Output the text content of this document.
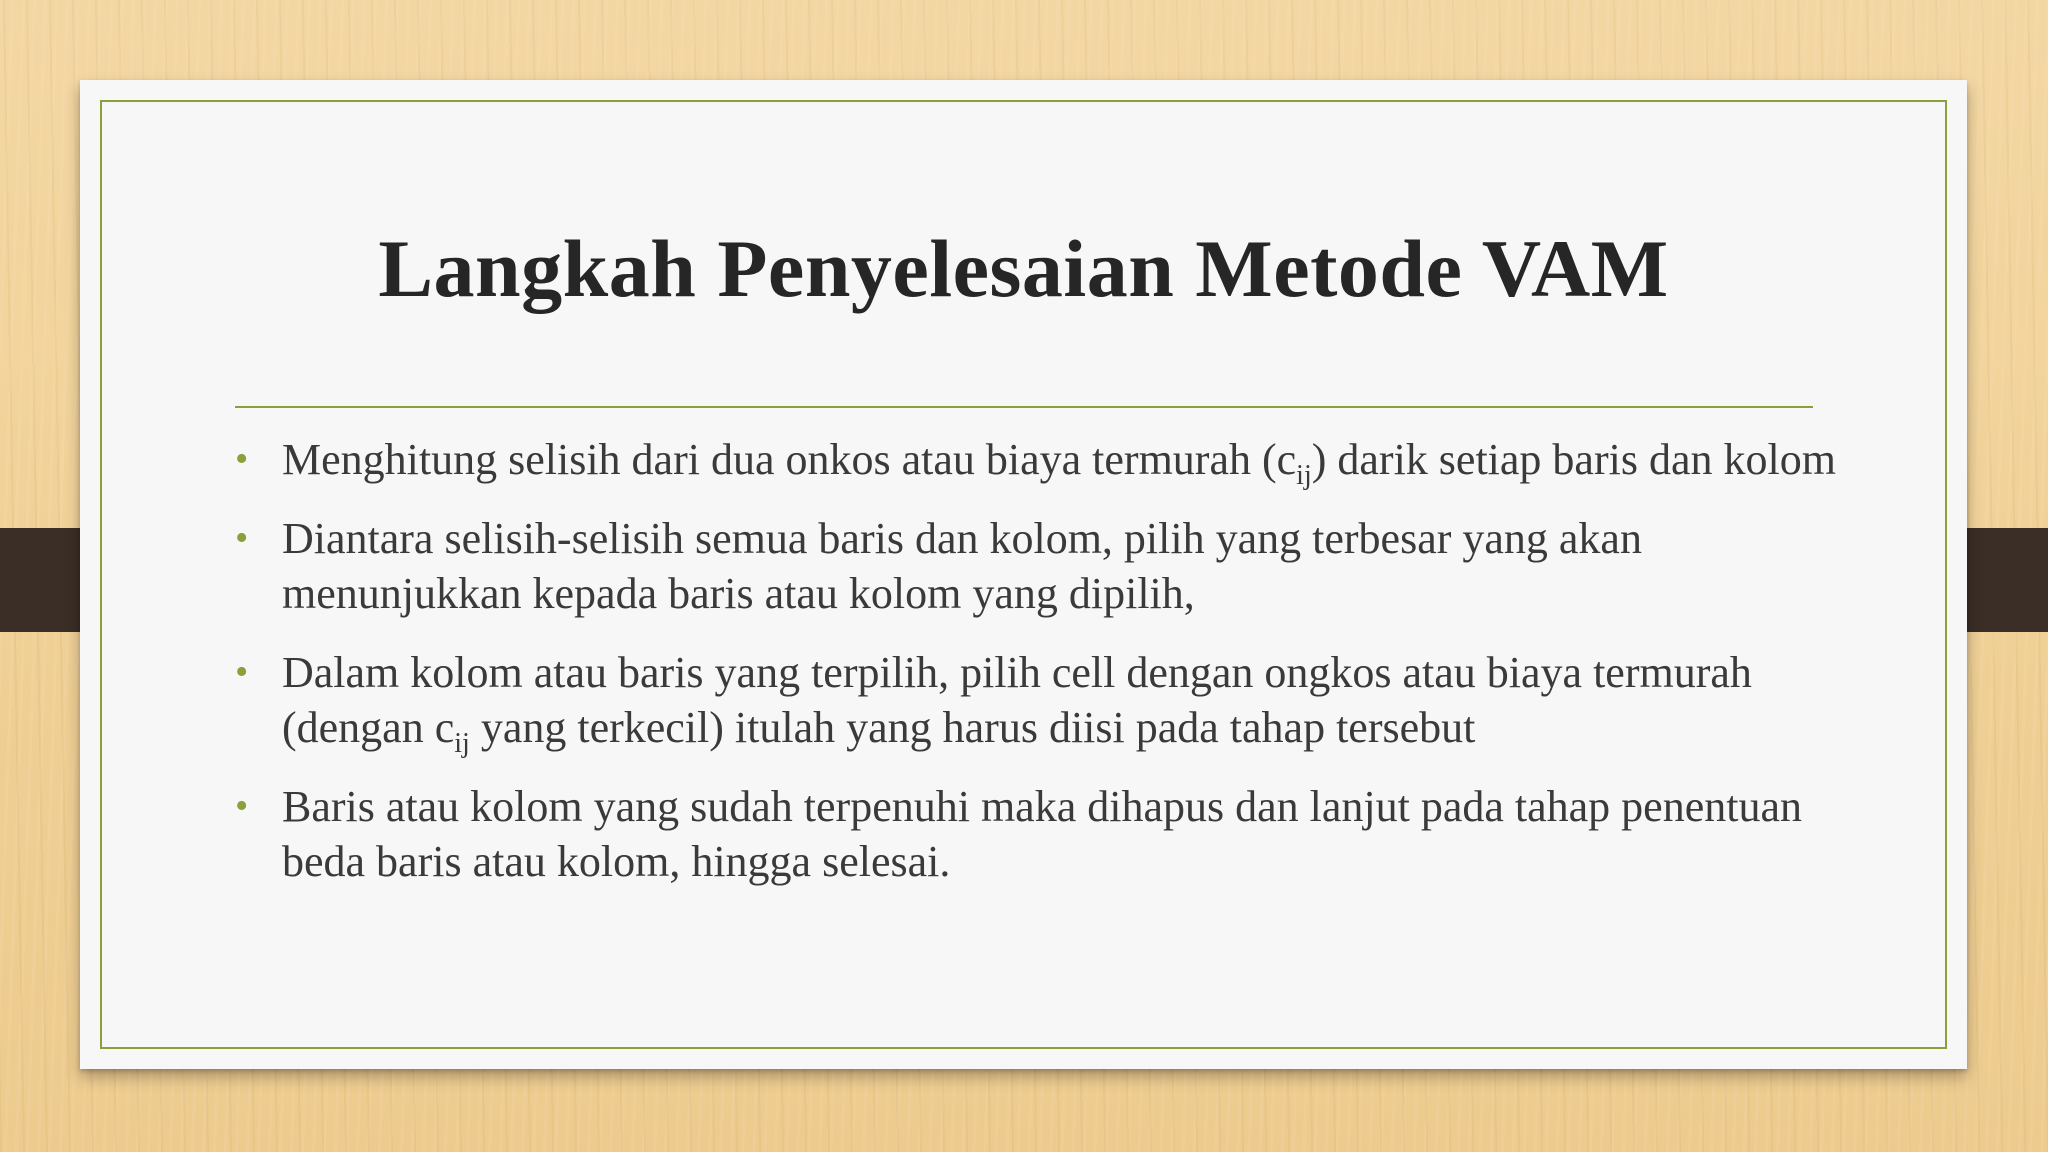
Langkah Penyelesaian Metode VAM
• Menghitung selisih dari dua onkos atau biaya termurah $(c_{ij})$ darik setiap baris dan kolom
• Diantara selisih-selisih semua baris dan kolom, pilih yang terbesar yang akan menunjukkan kepada baris atau kolom yang dipilih,
• Dalam kolom atau baris yang terpilih, pilih cell dengan ongkos atau biaya termurah (dengan $c_{ij}$ yang terkecil) itulah yang harus diisi pada tahap tersebut
• Baris atau kolom yang sudah terpenuhi maka dihapus dan lanjut pada tahap penentuan beda baris atau kolom, hingga selesai.
